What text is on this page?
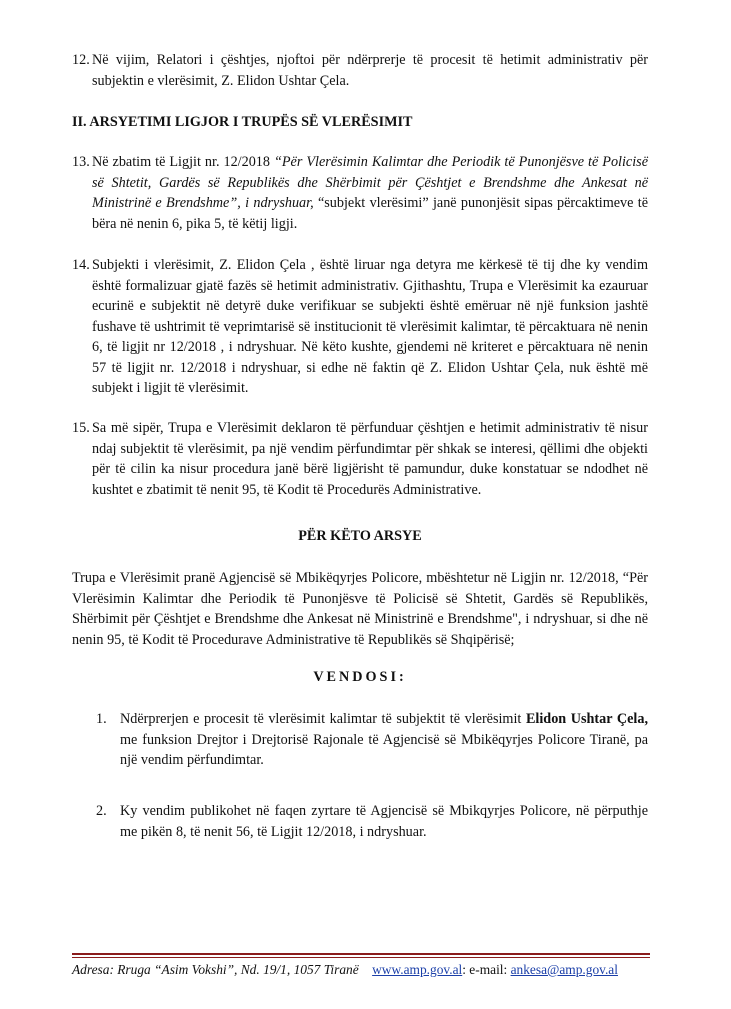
12. Në vijim, Relatori i çështjes, njoftoi për ndërprerje të procesit të hetimit administrativ për subjektin e vlerësimit, Z. Elidon Ushtar Çela.
II. ARSYETIMI LIGJOR I TRUPËS SË VLERËSIMIT
13. Në zbatim të Ligjit nr. 12/2018 “Për Vlerësimin Kalimtar dhe Periodik të Punonjësve të Policisë së Shtetit, Gardës së Republikës dhe Shërbimit për Çështjet e Brendshme dhe Ankesat në Ministrinë e Brendshme”, i ndryshuar, “subjekt vlerësimi” janë punonjësit sipas përcaktimeve të bëra në nenin 6, pika 5, të këtij ligji.
14. Subjekti i vlerësimit, Z. Elidon Çela , është liruar nga detyra me kërkesë të tij dhe ky vendim është formalizuar gjatë fazës së hetimit administrativ. Gjithashtu, Trupa e Vlerësimit ka ezauruar ecurinë e subjektit në detyrë duke verifikuar se subjekti është emëruar në një funksion jashtë fushave të ushtrimit të veprimtarisë së institucionit të vlerësimit kalimtar, të përcaktuara në nenin 6, të ligjit nr 12/2018 , i ndryshuar. Në këto kushte, gjendemi në kriteret e përcaktuara në nenin 57 të ligjit nr. 12/2018 i ndryshuar, si edhe në faktin që Z. Elidon Ushtar Çela, nuk është më subjekt i ligjit të vlerësimit.
15. Sa më sipër, Trupa e Vlerësimit deklaron të përfunduar çështjen e hetimit administrativ të nisur ndaj subjektit të vlerësimit, pa një vendim përfundimtar për shkak se interesi, qëllimi dhe objekti për të cilin ka nisur procedura janë bërë ligjërisht të pamundur, duke konstatuar se ndodhet në kushtet e zbatimit të nenit 95, të Kodit të Procedurës Administrative.
PËR KËTO ARSYE
Trupa e Vlerësimit pranë Agjencisë së Mbikëqyrjes Policore, mbështetur në Ligjin nr. 12/2018, “Për Vlerësimin Kalimtar dhe Periodik të Punonjësve të Policisë së Shtetit, Gardës së Republikës, Shërbimit për Çështjet e Brendshme dhe Ankesat në Ministrinë e Brendshme", i ndryshuar, si dhe në nenin 95, të Kodit të Procedurave Administrative të Republikës së Shqipërisë;
VENDOSI:
1. Ndërprerjen e procesit të vlerësimit kalimtar të subjektit të vlerësimit Elidon Ushtar Çela, me funksion Drejtor i Drejtorisë Rajonale të Agjencisë së Mbikëqyrjes Policore Tiranë, pa një vendim përfundimtar.
2. Ky vendim publikohet në faqen zyrtare të Agjencisë së Mbikqyrjes Policore, në përputhje me pikën 8, të nenit 56, të Ligjit 12/2018, i ndryshuar.
Adresa: Rruga “Asim Vokshi”, Nd. 19/1, 1057 Tiranë www.amp.gov.al: e-mail: ankesa@amp.gov.al
